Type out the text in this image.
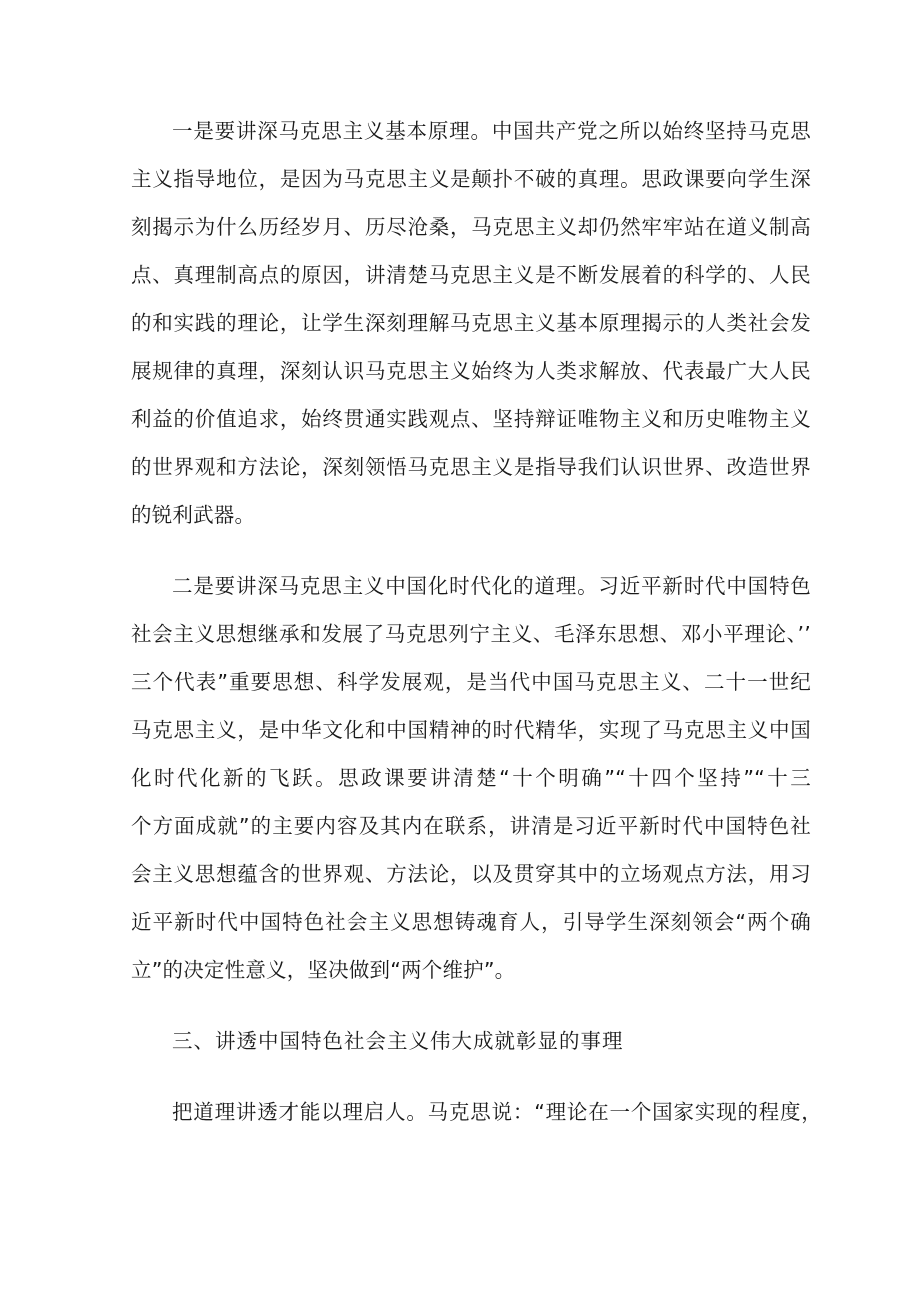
一是要讲深马克思主义基本原理。中国共产党之所以始终坚持马克思

主义指导地位，是因为马克思主义是颠扑不破的真理。思政课要向学生深

刻揭示为什么历经岁月、历尽沧桑，马克思主义却仍然牢牢站在道义制高

点、真理制高点的原因，讲清楚马克思主义是不断发展着的科学的、人民

的和实践的理论，让学生深刻理解马克思主义基本原理揭示的人类社会发

展规律的真理，深刻认识马克思主义始终为人类求解放、代表最广大人民

利益的价值追求，始终贯通实践观点、坚持辩证唯物主义和历史唯物主义

的世界观和方法论，深刻领悟马克思主义是指导我们认识世界、改造世界

的锐利武器。

二是要讲深马克思主义中国化时代化的道理。习近平新时代中国特色

社会主义思想继承和发展了马克思列宁主义、毛泽东思想、邓小平理论、’’

三个代表”重要思想、科学发展观，是当代中国马克思主义、二十一世纪

马克思主义，是中华文化和中国精神的时代精华，实现了马克思主义中国

化时代化新的飞跃。思政课要讲清楚“十个明确”“十四个坚持”“十三

个方面成就”的主要内容及其内在联系，讲清是习近平新时代中国特色社

会主义思想蕴含的世界观、方法论，以及贯穿其中的立场观点方法，用习

近平新时代中国特色社会主义思想铸魂育人，引导学生深刻领会“两个确

立”的决定性意义，坚决做到“两个维护”。

三、讲透中国特色社会主义伟大成就彰显的事理

把道理讲透才能以理启人。马克思说：“理论在一个国家实现的程度，
